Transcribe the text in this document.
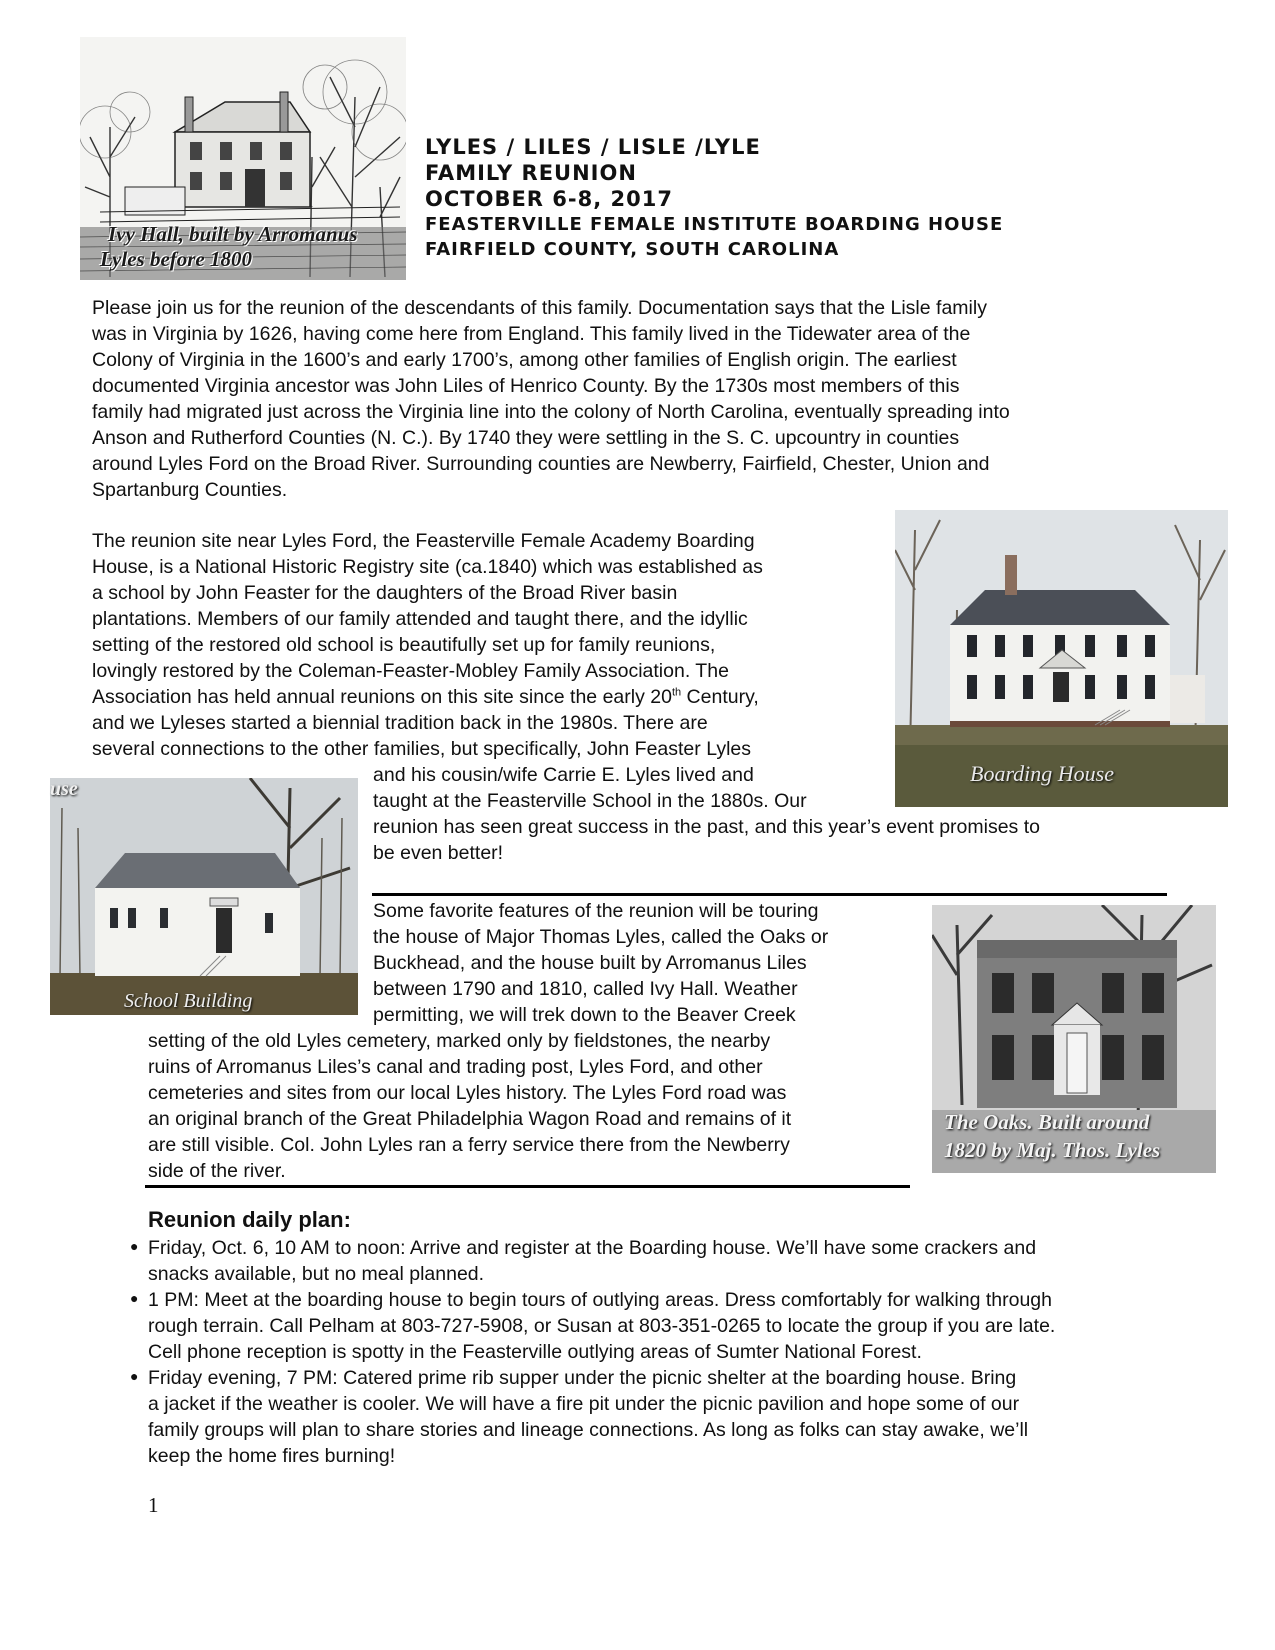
Ivy Hall, built by Arromanus
Lyles before 1800
LYLES / LILES / LISLE /LYLE
FAMILY REUNION
OCTOBER 6-8, 2017
FEASTERVILLE FEMALE INSTITUTE BOARDING HOUSE
FAIRFIELD COUNTY, SOUTH CAROLINA
Please join us for the reunion of the descendants of this family. Documentation says that the Lisle family
was in Virginia by 1626, having come here from England. This family lived in the Tidewater area of the
Colony of Virginia in the 1600’s and early 1700’s, among other families of English origin. The earliest
documented Virginia ancestor was John Liles of Henrico County. By the 1730s most members of this
family had migrated just across the Virginia line into the colony of North Carolina, eventually spreading into
Anson and Rutherford Counties (N. C.). By 1740 they were settling in the S. C. upcountry in counties
around Lyles Ford on the Broad River. Surrounding counties are Newberry, Fairfield, Chester, Union and
Spartanburg Counties.
Boarding House
The reunion site near Lyles Ford, the Feasterville Female Academy Boarding
House, is a National Historic Registry site (ca.1840) which was established as
a school by John Feaster for the daughters of the Broad River basin
plantations. Members of our family attended and taught there, and the idyllic
setting of the restored old school is beautifully set up for family reunions,
lovingly restored by the Coleman-Feaster-Mobley Family Association. The
Association has held annual reunions on this site since the early 20th Century,
and we Lyleses started a biennial tradition back in the 1980s. There are
several connections to the other families, but specifically, John Feaster Lyles
and his cousin/wife Carrie E. Lyles lived and
taught at the Feasterville School in the 1880s. Our
reunion has seen great success in the past, and this year’s event promises to
be even better!
use
School Building
The Oaks. Built around
1820 by Maj. Thos. Lyles
Some favorite features of the reunion will be touring
the house of Major Thomas Lyles, called the Oaks or
Buckhead, and the house built by Arromanus Liles
between 1790 and 1810, called Ivy Hall. Weather
permitting, we will trek down to the Beaver Creek
setting of the old Lyles cemetery, marked only by fieldstones, the nearby
ruins of Arromanus Liles’s canal and trading post, Lyles Ford, and other
cemeteries and sites from our local Lyles history. The Lyles Ford road was
an original branch of the Great Philadelphia Wagon Road and remains of it
are still visible. Col. John Lyles ran a ferry service there from the Newberry
side of the river.
Reunion daily plan:
● Friday, Oct. 6, 10 AM to noon: Arrive and register at the Boarding house. We’ll have some crackers and
snacks available, but no meal planned.
● 1 PM: Meet at the boarding house to begin tours of outlying areas. Dress comfortably for walking through
rough terrain. Call Pelham at 803-727-5908, or Susan at 803-351-0265 to locate the group if you are late.
Cell phone reception is spotty in the Feasterville outlying areas of Sumter National Forest.
● Friday evening, 7 PM: Catered prime rib supper under the picnic shelter at the boarding house. Bring
a jacket if the weather is cooler. We will have a fire pit under the picnic pavilion and hope some of our
family groups will plan to share stories and lineage connections. As long as folks can stay awake, we’ll
keep the home fires burning!
1
